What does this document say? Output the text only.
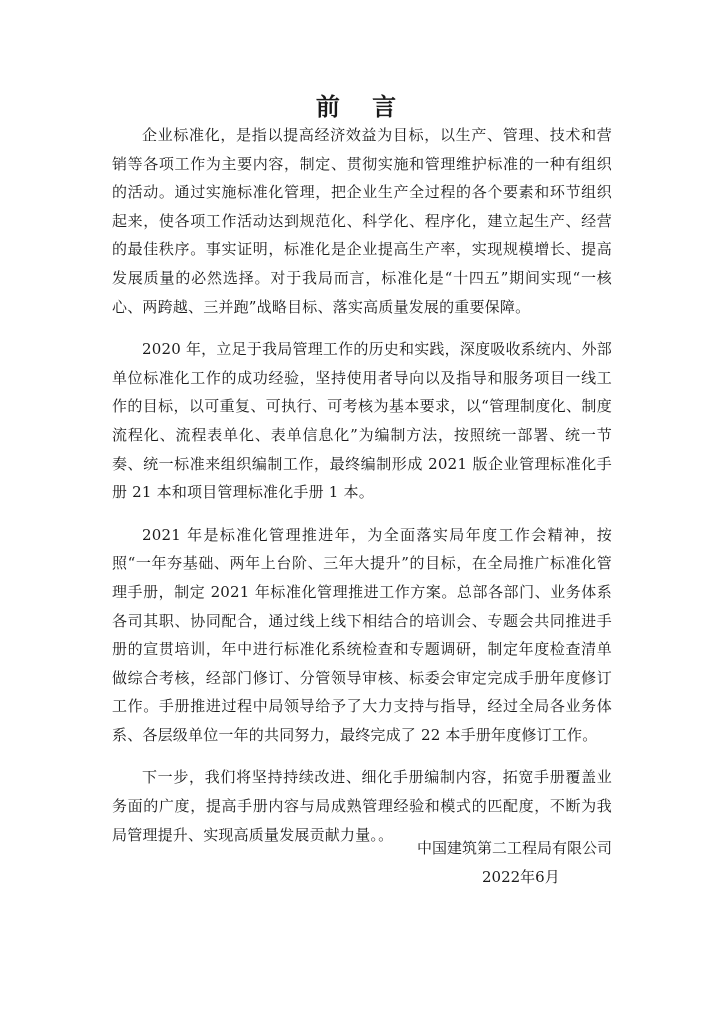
前 言

企业标准化，是指以提高经济效益为目标，以生产、管理、技术和营销等各项工作为主要内容，制定、贯彻实施和管理维护标准的一种有组织的活动。通过实施标准化管理，把企业生产全过程的各个要素和环节组织起来，使各项工作活动达到规范化、科学化、程序化，建立起生产、经营的最佳秩序。事实证明，标准化是企业提高生产率，实现规模增长、提高发展质量的必然选择。对于我局而言，标准化是“十四五”期间实现“一核心、两跨越、三并跑”战略目标、落实高质量发展的重要保障。

2020 年，立足于我局管理工作的历史和实践，深度吸收系统内、外部单位标准化工作的成功经验，坚持使用者导向以及指导和服务项目一线工作的目标，以可重复、可执行、可考核为基本要求，以“管理制度化、制度流程化、流程表单化、表单信息化”为编制方法，按照统一部署、统一节奏、统一标准来组织编制工作，最终编制形成 2021 版企业管理标准化手册 21 本和项目管理标准化手册 1 本。

2021 年是标准化管理推进年，为全面落实局年度工作会精神，按照“一年夯基础、两年上台阶、三年大提升”的目标，在全局推广标准化管理手册，制定 2021 年标准化管理推进工作方案。总部各部门、业务体系各司其职、协同配合，通过线上线下相结合的培训会、专题会共同推进手册的宣贯培训，年中进行标准化系统检查和专题调研，制定年度检查清单做综合考核，经部门修订、分管领导审核、标委会审定完成手册年度修订工作。手册推进过程中局领导给予了大力支持与指导，经过全局各业务体系、各层级单位一年的共同努力，最终完成了 22 本手册年度修订工作。

下一步，我们将坚持持续改进、细化手册编制内容，拓宽手册覆盖业务面的广度，提高手册内容与局成熟管理经验和模式的匹配度，不断为我局管理提升、实现高质量发展贡献力量。。

中国建筑第二工程局有限公司
2022年6月
